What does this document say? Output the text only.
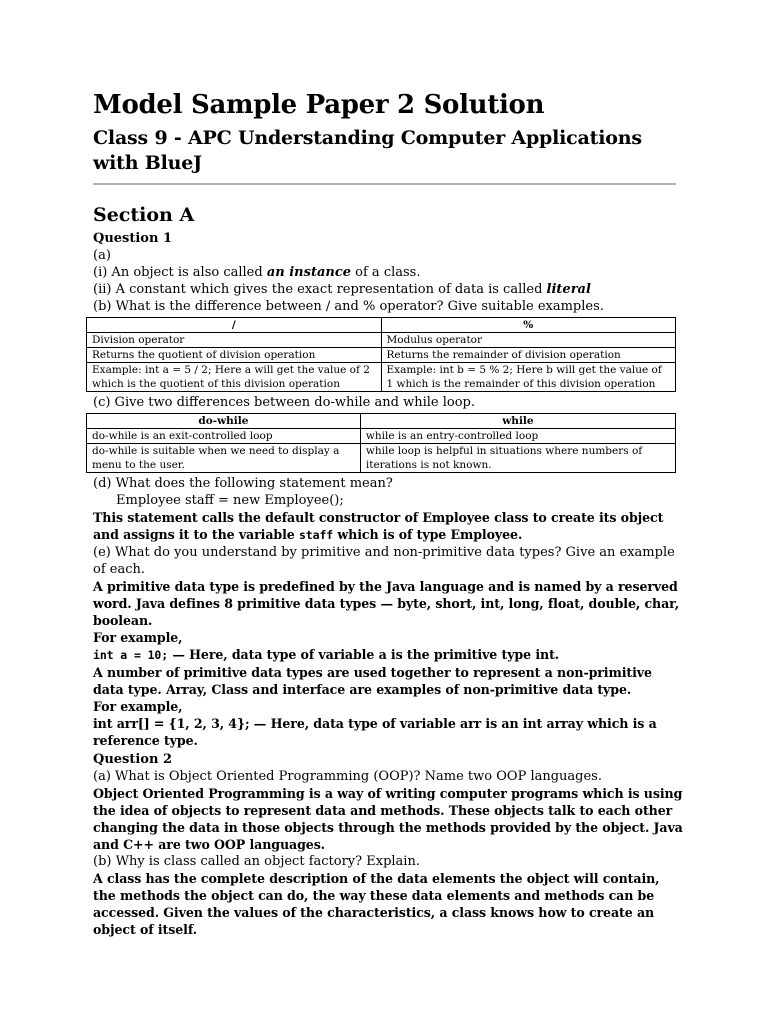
Model Sample Paper 2 Solution
Class 9 - APC Understanding Computer Applications with BlueJ
Section A

Question 1

(a)

(i) An object is also called an instance of a class.

(ii) A constant which gives the exact representation of data is called literal

(b) What is the difference between / and % operator? Give suitable examples.

/	%
Division operator	Modulus operator
Returns the quotient of division operation	Returns the remainder of division operation
Example: int a = 5 / 2; Here a will get the value of 2 which is the quotient of this division operation	Example: int b = 5 % 2; Here b will get the value of 1 which is the remainder of this division operation

(c) Give two differences between do-while and while loop.

do-while	while
do-while is an exit-controlled loop	while is an entry-controlled loop
do-while is suitable when we need to display a menu to the user.	while loop is helpful in situations where numbers of iterations is not known.

(d) What does the following statement mean?

Employee staff = new Employee();

This statement calls the default constructor of Employee class to create its object and assigns it to the variable staff which is of type Employee.

(e) What do you understand by primitive and non-primitive data types? Give an example of each.

A primitive data type is predefined by the Java language and is named by a reserved word. Java defines 8 primitive data types — byte, short, int, long, float, double, char, boolean.

For example,

int a = 10; — Here, data type of variable a is the primitive type int.

A number of primitive data types are used together to represent a non-primitive data type. Array, Class and interface are examples of non-primitive data type.

For example,

int arr[] = {1, 2, 3, 4}; — Here, data type of variable arr is an int array which is a reference type.

Question 2

(a) What is Object Oriented Programming (OOP)? Name two OOP languages.

Object Oriented Programming is a way of writing computer programs which is using the idea of objects to represent data and methods. These objects talk to each other changing the data in those objects through the methods provided by the object. Java and C++ are two OOP languages.

(b) Why is class called an object factory? Explain.

A class has the complete description of the data elements the object will contain, the methods the object can do, the way these data elements and methods can be accessed. Given the values of the characteristics, a class knows how to create an object of itself.
